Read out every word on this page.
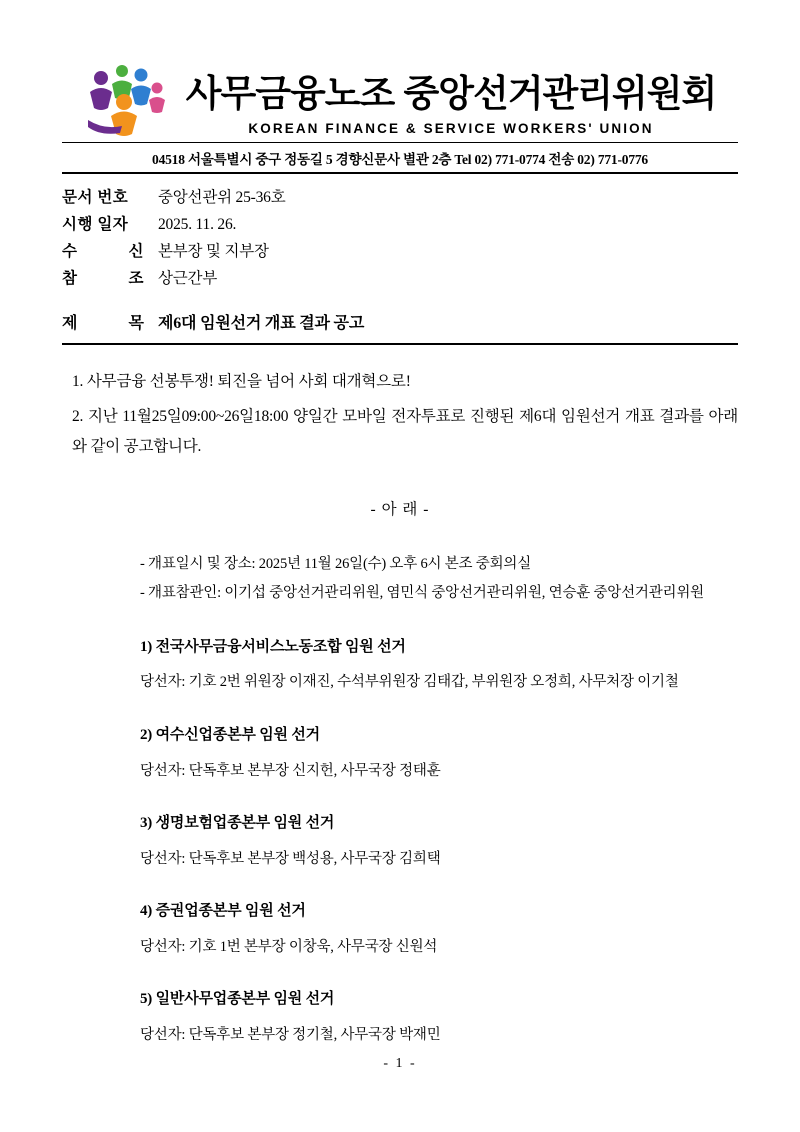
사무금융노조 중앙선거관리위원회
KOREAN FINANCE & SERVICE WORKERS' UNION
04518 서울특별시 중구 정동길 5 경향신문사 별관 2층 Tel 02) 771-0774 전송 02) 771-0776
문서 번호	중앙선관위 25-36호
시행 일자	2025. 11. 26.
수	신 본부장 및 지부장
참	조 상근간부
제	목 제6대 임원선거 개표 결과 공고
1. 사무금융 선봉투쟁! 퇴진을 넘어 사회 대개혁으로!
2. 지난 11월25일09:00~26일18:00 양일간 모바일 전자투표로 진행된 제6대 임원선거 개표 결과를 아래와 같이 공고합니다.
- 아 래 -
- 개표일시 및 장소: 2025년 11월 26일(수) 오후 6시 본조 중회의실
- 개표참관인: 이기섭 중앙선거관리위원, 염민식 중앙선거관리위원, 연승훈 중앙선거관리위원
1) 전국사무금융서비스노동조합 임원 선거
당선자: 기호 2번 위원장 이재진, 수석부위원장 김태갑, 부위원장 오정희, 사무처장 이기철
2) 여수신업종본부 임원 선거
당선자: 단독후보 본부장 신지헌, 사무국장 정태훈
3) 생명보험업종본부 임원 선거
당선자: 단독후보 본부장 백성용, 사무국장 김희택
4) 증권업종본부 임원 선거
당선자: 기호 1번 본부장 이창욱, 사무국장 신원석
5) 일반사무업종본부 임원 선거
당선자: 단독후보 본부장 정기철, 사무국장 박재민
- 1 -
